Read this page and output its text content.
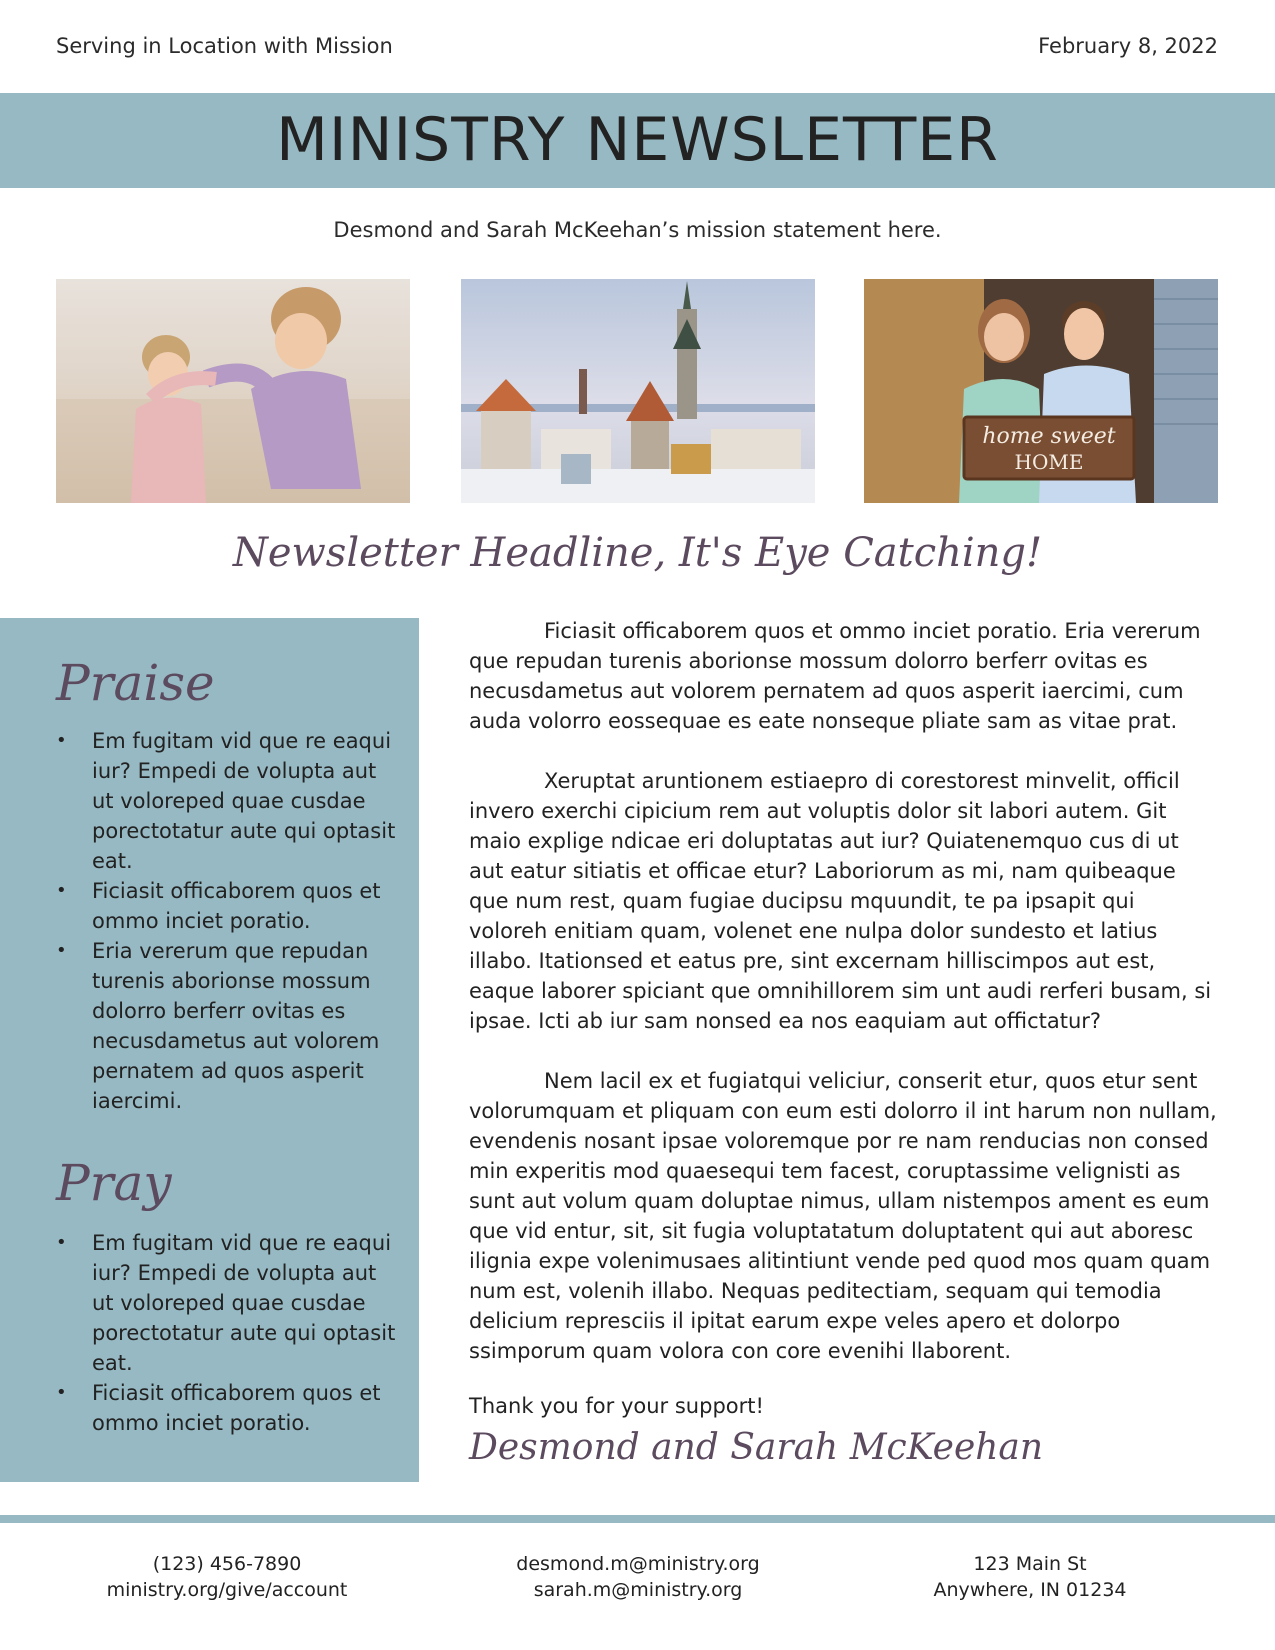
Serving in Location with Mission	February 8, 2022
MINISTRY NEWSLETTER
Desmond and Sarah McKeehan’s mission statement here.
home sweet
HOME
Newsletter Headline, It's Eye Catching!
Praise
• Em fugitam vid que re eaqui iur? Empedi de volupta aut ut voloreped quae cusdae porectotatur aute qui optasit eat.
• Ficiasit officaborem quos et ommo inciet poratio.
• Eria vererum que repudan turenis aborionse mossum dolorro berferr ovitas es necusdametus aut volorem pernatem ad quos asperit iaercimi.
Pray
• Em fugitam vid que re eaqui iur? Empedi de volupta aut ut voloreped quae cusdae porectotatur aute qui optasit eat.
• Ficiasit officaborem quos et ommo inciet poratio.

Ficiasit officaborem quos et ommo inciet poratio. Eria vererum que repudan turenis aborionse mossum dolorro berferr ovitas es necusdametus aut volorem pernatem ad quos asperit iaercimi, cum auda volorro eossequae es eate nonseque pliate sam as vitae prat.

Xeruptat aruntionem estiaepro di corestorest minvelit, officil invero exerchi cipicium rem aut voluptis dolor sit labori autem. Git maio explige ndicae eri doluptatas aut iur? Quiatenemquo cus di ut aut eatur sitiatis et officae etur? Laboriorum as mi, nam quibeaque que num rest, quam fugiae ducipsu mquundit, te pa ipsapit qui voloreh enitiam quam, volenet ene nulpa dolor sundesto et latius illabo. Itationsed et eatus pre, sint excernam hilliscimpos aut est, eaque laborer spiciant que omnihillorem sim unt audi rerferi busam, si ipsae. Icti ab iur sam nonsed ea nos eaquiam aut offictatur?

Nem lacil ex et fugiatqui veliciur, conserit etur, quos etur sent volorumquam et pliquam con eum esti dolorro il int harum non nullam, evendenis nosant ipsae voloremque por re nam renducias non consed min experitis mod quaesequi tem facest, coruptassime velignisti as sunt aut volum quam doluptae nimus, ullam nistempos ament es eum que vid entur, sit, sit fugia voluptatatum doluptatent qui aut aboresc ilignia expe volenimusaes alitintiunt vende ped quod mos quam quam num est, volenih illabo. Nequas peditectiam, sequam qui temodia delicium represciis il ipitat earum expe veles apero et dolorpo ssimporum quam volora con core evenihi llaborent.

Thank you for your support!
Desmond and Sarah McKeehan
(123) 456-7890
ministry.org/give/account
desmond.m@ministry.org
sarah.m@ministry.org
123 Main St
Anywhere, IN 01234
